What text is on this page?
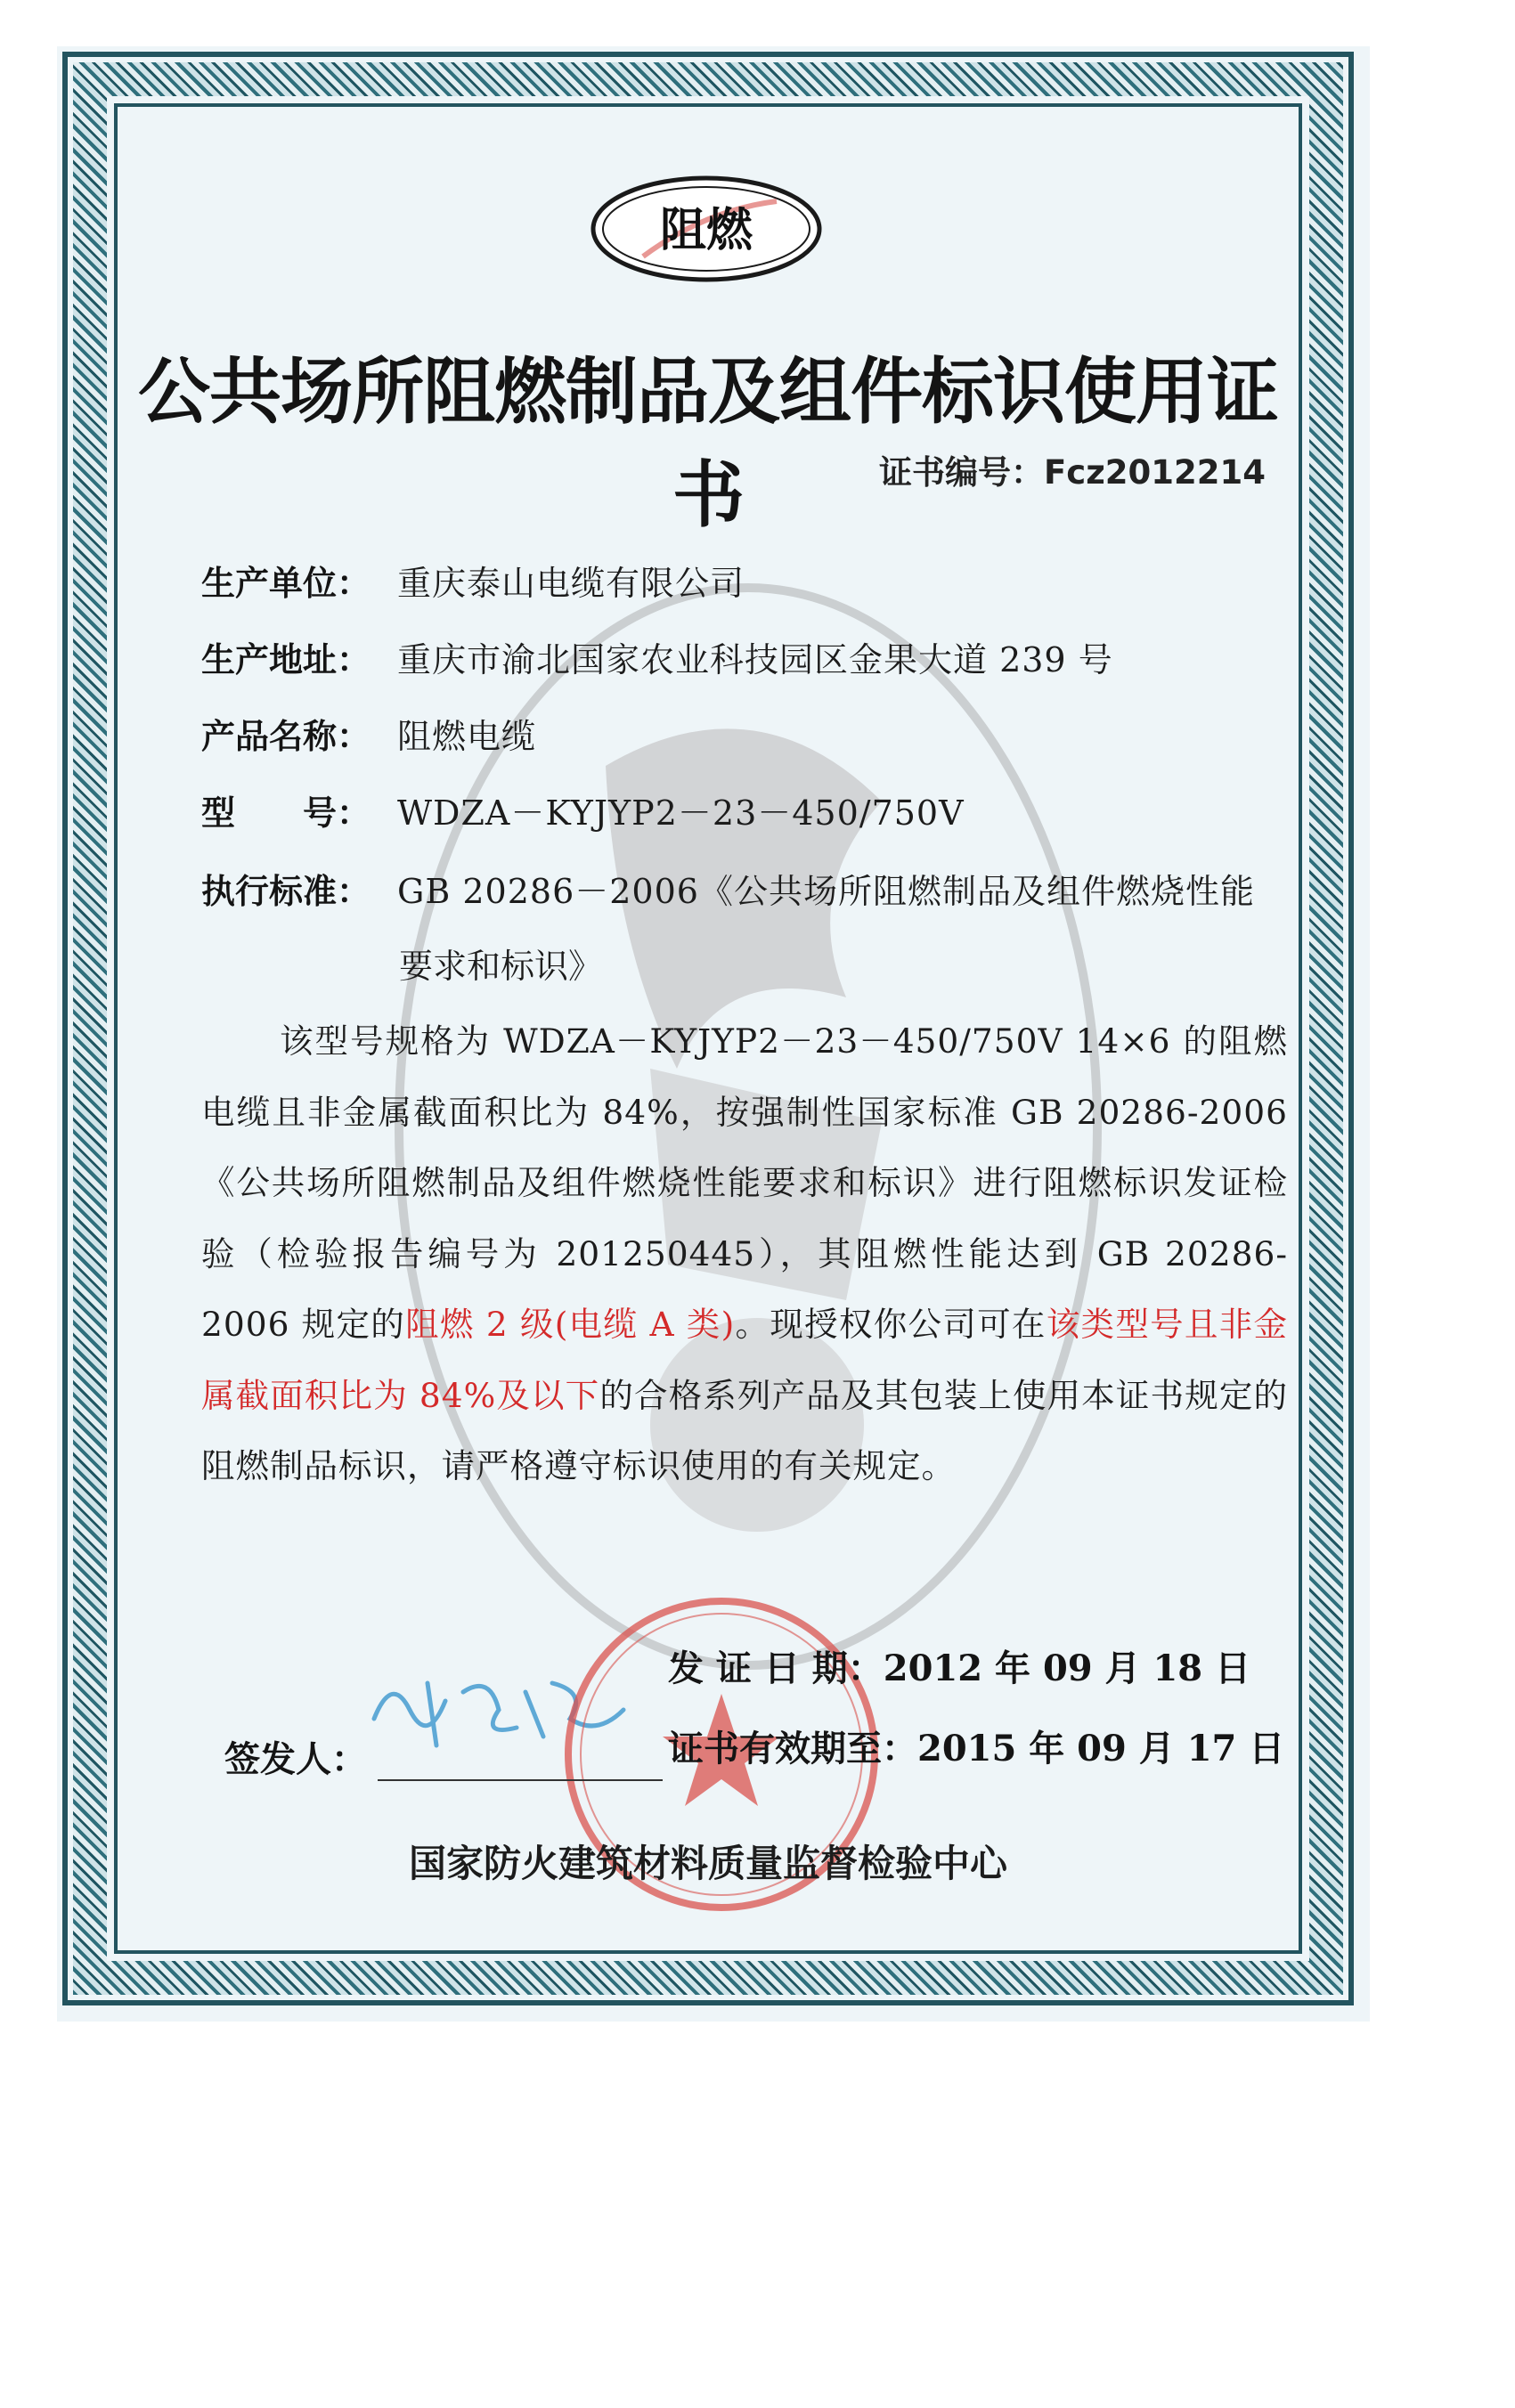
阻燃
公共场所阻燃制品及组件标识使用证书	证书编号：Fcz2012214
生产单位： 重庆泰山电缆有限公司
生产地址： 重庆市渝北国家农业科技园区金果大道 239 号
产品名称： 阻燃电缆
型　　号： WDZA－KYJYP2－23－450/750V
执行标准： GB 20286－2006《公共场所阻燃制品及组件燃烧性能
要求和标识》

该型号规格为 WDZA－KYJYP2－23－450/750V 14×6 的阻燃电缆且非金属截面积比为 84%，按强制性国家标准 GB 20286-2006《公共场所阻燃制品及组件燃烧性能要求和标识》进行阻燃标识发证检验（检验报告编号为 201250445），其阻燃性能达到 GB 20286-2006 规定的阻燃 2 级(电缆 A 类)。现授权你公司可在该类型号且非金属截面积比为 84%及以下的合格系列产品及其包装上使用本证书规定的阻燃制品标识，请严格遵守标识使用的有关规定。

发 证 日 期：2012 年 09 月 18 日
证书有效期至：2015 年 09 月 17 日
签发人：
国家防火建筑材料质量监督检验中心
